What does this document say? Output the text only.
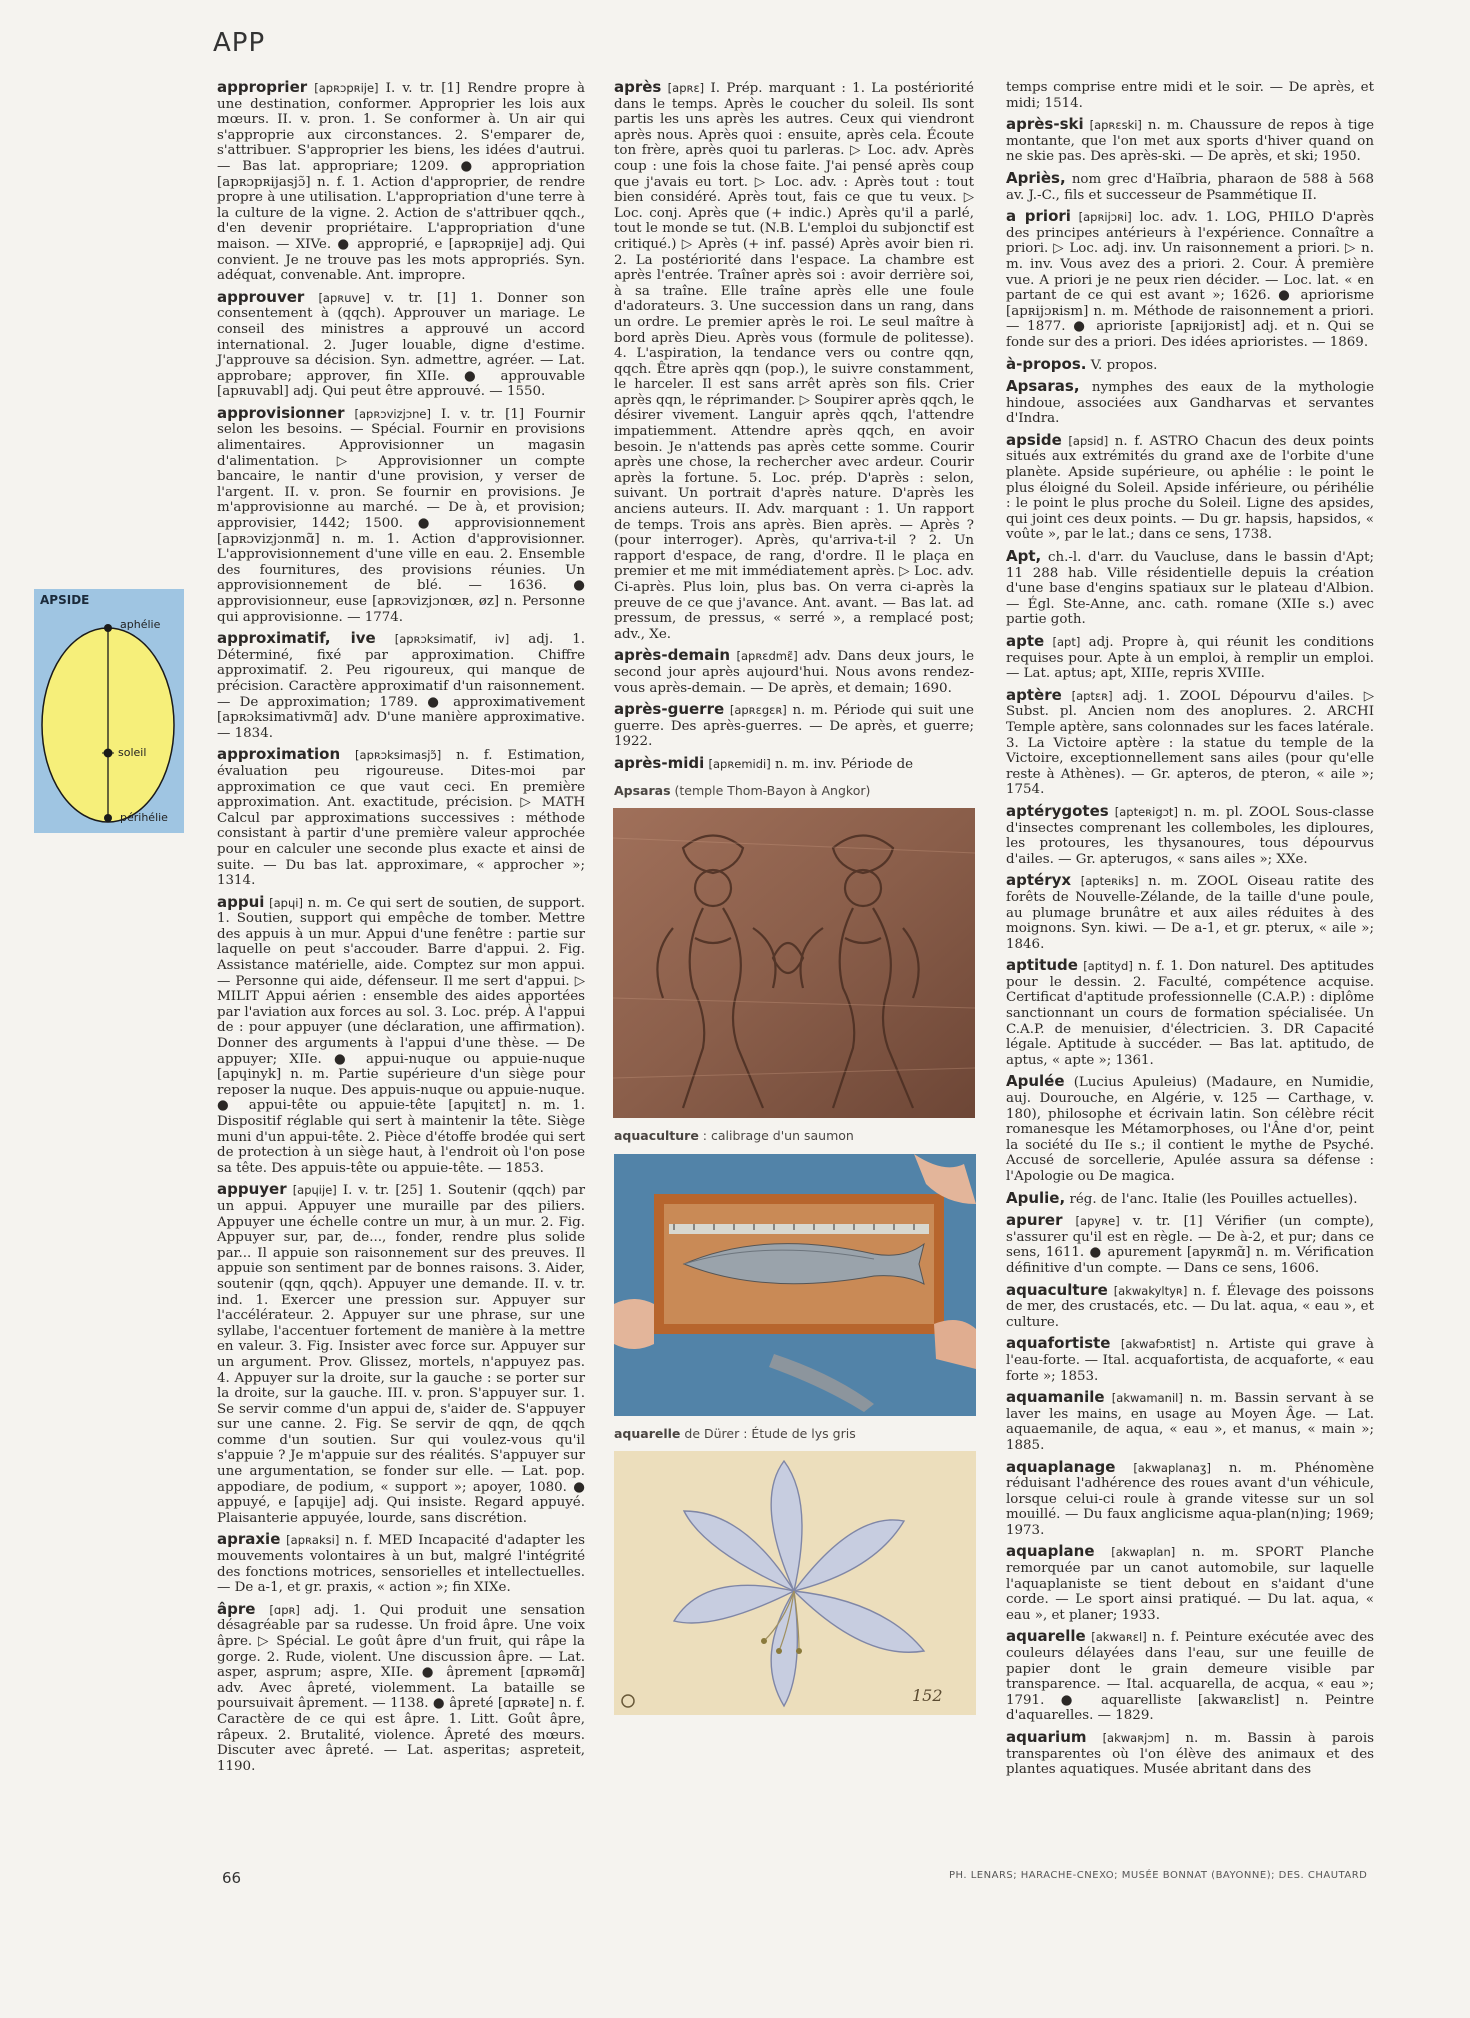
APP

approprier [apʀɔpʀije] I. v. tr. [1] Rendre propre à une destination, conformer. Approprier les lois aux mœurs. II. v. pron. 1. Se conformer à. Un air qui s'approprie aux circonstances. 2. S'emparer de, s'attribuer. S'approprier les biens, les idées d'autrui. — Bas lat. appropriare; 1209. ● appropriation [apʀɔpʀijasjɔ̃] n. f. 1. Action d'approprier, de rendre propre à une utilisation. L'appropriation d'une terre à la culture de la vigne. 2. Action de s'attribuer qqch., d'en devenir propriétaire. L'appropriation d'une maison. — XIVe. ● approprié, e [apʀɔpʀije] adj. Qui convient. Je ne trouve pas les mots appropriés. Syn. adéquat, convenable. Ant. impropre.

approuver [apʀuve] v. tr. [1] 1. Donner son consentement à (qqch). Approuver un mariage. Le conseil des ministres a approuvé un accord international. 2. Juger louable, digne d'estime. J'approuve sa décision. Syn. admettre, agréer. — Lat. approbare; approver, fin XIIe. ● approuvable [apʀuvabl] adj. Qui peut être approuvé. — 1550.

approvisionner [apʀɔvizjɔne] I. v. tr. [1] Fournir selon les besoins. — Spécial. Fournir en provisions alimentaires. Approvisionner un magasin d'alimentation. ▷ Approvisionner un compte bancaire, le nantir d'une provision, y verser de l'argent. II. v. pron. Se fournir en provisions. Je m'approvisionne au marché. — De à, et provision; approvisier, 1442; 1500. ● approvisionnement [apʀɔvizjɔnmɑ̃] n. m. 1. Action d'approvisionner. L'approvisionnement d'une ville en eau. 2. Ensemble des fournitures, des provisions réunies. Un approvisionnement de blé. — 1636. ● approvisionneur, euse [apʀɔvizjɔnœʀ, øz] n. Personne qui approvisionne. — 1774.

approximatif, ive [apʀɔksimatif, iv] adj. 1. Déterminé, fixé par approximation. Chiffre approximatif. 2. Peu rigoureux, qui manque de précision. Caractère approximatif d'un raisonnement. — De approximation; 1789. ● approximativement [apʀɔksimativmɑ̃] adv. D'une manière approximative. — 1834.

approximation [apʀɔksimasjɔ̃] n. f. Estimation, évaluation peu rigoureuse. Dites-moi par approximation ce que vaut ceci. En première approximation. Ant. exactitude, précision. ▷ MATH Calcul par approximations successives : méthode consistant à partir d'une première valeur approchée pour en calculer une seconde plus exacte et ainsi de suite. — Du bas lat. approximare, « approcher »; 1314.

appui [apɥi] n. m. Ce qui sert de soutien, de support. 1. Soutien, support qui empêche de tomber. Mettre des appuis à un mur. Appui d'une fenêtre : partie sur laquelle on peut s'accouder. Barre d'appui. 2. Fig. Assistance matérielle, aide. Comptez sur mon appui. — Personne qui aide, défenseur. Il me sert d'appui. ▷ MILIT Appui aérien : ensemble des aides apportées par l'aviation aux forces au sol. 3. Loc. prép. À l'appui de : pour appuyer (une déclaration, une affirmation). Donner des arguments à l'appui d'une thèse. — De appuyer; XIIe. ● appui-nuque ou appuie-nuque [apɥinyk] n. m. Partie supérieure d'un siège pour reposer la nuque. Des appuis-nuque ou appuie-nuque. ● appui-tête ou appuie-tête [apɥitɛt] n. m. 1. Dispositif réglable qui sert à maintenir la tête. Siège muni d'un appui-tête. 2. Pièce d'étoffe brodée qui sert de protection à un siège haut, à l'endroit où l'on pose sa tête. Des appuis-tête ou appuie-tête. — 1853.

appuyer [apɥije] I. v. tr. [25] 1. Soutenir (qqch) par un appui. Appuyer une muraille par des piliers. Appuyer une échelle contre un mur, à un mur. 2. Fig. Appuyer sur, par, de..., fonder, rendre plus solide par... Il appuie son raisonnement sur des preuves. Il appuie son sentiment par de bonnes raisons. 3. Aider, soutenir (qqn, qqch). Appuyer une demande. II. v. tr. ind. 1. Exercer une pression sur. Appuyer sur l'accélérateur. 2. Appuyer sur une phrase, sur une syllabe, l'accentuer fortement de manière à la mettre en valeur. 3. Fig. Insister avec force sur. Appuyer sur un argument. Prov. Glissez, mortels, n'appuyez pas. 4. Appuyer sur la droite, sur la gauche : se porter sur la droite, sur la gauche. III. v. pron. S'appuyer sur. 1. Se servir comme d'un appui de, s'aider de. S'appuyer sur une canne. 2. Fig. Se servir de qqn, de qqch comme d'un soutien. Sur qui voulez-vous qu'il s'appuie ? Je m'appuie sur des réalités. S'appuyer sur une argumentation, se fonder sur elle. — Lat. pop. appodiare, de podium, « support »; apoyer, 1080. ● appuyé, e [apɥije] adj. Qui insiste. Regard appuyé. Plaisanterie appuyée, lourde, sans discrétion.

apraxie [apʀaksi] n. f. MED Incapacité d'adapter les mouvements volontaires à un but, malgré l'intégrité des fonctions motrices, sensorielles et intellectuelles. — De a-1, et gr. praxis, « action »; fin XIXe.

âpre [ɑpʀ] adj. 1. Qui produit une sensation désagréable par sa rudesse. Un froid âpre. Une voix âpre. ▷ Spécial. Le goût âpre d'un fruit, qui râpe la gorge. 2. Rude, violent. Une discussion âpre. — Lat. asper, asprum; aspre, XIIe. ● âprement [ɑpʀəmɑ̃] adv. Avec âpreté, violemment. La bataille se poursuivait âprement. — 1138. ● âpreté [ɑpʀəte] n. f. Caractère de ce qui est âpre. 1. Litt. Goût âpre, râpeux. 2. Brutalité, violence. Âpreté des mœurs. Discuter avec âpreté. — Lat. asperitas; aspreteit, 1190.

après [apʀɛ] I. Prép. marquant : 1. La postériorité dans le temps. Après le coucher du soleil. Ils sont partis les uns après les autres. Ceux qui viendront après nous. Après quoi : ensuite, après cela. Écoute ton frère, après quoi tu parleras. ▷ Loc. adv. Après coup : une fois la chose faite. J'ai pensé après coup que j'avais eu tort. ▷ Loc. adv. : Après tout : tout bien considéré. Après tout, fais ce que tu veux. ▷ Loc. conj. Après que (+ indic.) Après qu'il a parlé, tout le monde se tut. (N.B. L'emploi du subjonctif est critiqué.) ▷ Après (+ inf. passé) Après avoir bien ri. 2. La postériorité dans l'espace. La chambre est après l'entrée. Traîner après soi : avoir derrière soi, à sa traîne. Elle traîne après elle une foule d'adorateurs. 3. Une succession dans un rang, dans un ordre. Le premier après le roi. Le seul maître à bord après Dieu. Après vous (formule de politesse). 4. L'aspiration, la tendance vers ou contre qqn, qqch. Être après qqn (pop.), le suivre constamment, le harceler. Il est sans arrêt après son fils. Crier après qqn, le réprimander. ▷ Soupirer après qqch, le désirer vivement. Languir après qqch, l'attendre impatiemment. Attendre après qqch, en avoir besoin. Je n'attends pas après cette somme. Courir après une chose, la rechercher avec ardeur. Courir après la fortune. 5. Loc. prép. D'après : selon, suivant. Un portrait d'après nature. D'après les anciens auteurs. II. Adv. marquant : 1. Un rapport de temps. Trois ans après. Bien après. — Après ? (pour interroger). Après, qu'arriva-t-il ? 2. Un rapport d'espace, de rang, d'ordre. Il le plaça en premier et me mit immédiatement après. ▷ Loc. adv. Ci-après. Plus loin, plus bas. On verra ci-après la preuve de ce que j'avance. Ant. avant. — Bas lat. ad pressum, de pressus, « serré », a remplacé post; adv., Xe.

après-demain [apʀɛdmɛ̃] adv. Dans deux jours, le second jour après aujourd'hui. Nous avons rendez-vous après-demain. — De après, et demain; 1690.

après-guerre [apʀɛgɛʀ] n. m. Période qui suit une guerre. Des après-guerres. — De après, et guerre; 1922.

après-midi [apʀemidi] n. m. inv. Période de

Apsaras (temple Thom-Bayon à Angkor)
aquaculture : calibrage d'un saumon
aquarelle de Dürer : Étude de lys gris
152

temps comprise entre midi et le soir. — De après, et midi; 1514.

après-ski [apʀɛski] n. m. Chaussure de repos à tige montante, que l'on met aux sports d'hiver quand on ne skie pas. Des après-ski. — De après, et ski; 1950.

Apriès, nom grec d'Haïbria, pharaon de 588 à 568 av. J.-C., fils et successeur de Psammétique II.

a priori [apʀijɔʀi] loc. adv. 1. LOG, PHILO D'après des principes antérieurs à l'expérience. Connaître a priori. ▷ Loc. adj. inv. Un raisonnement a priori. ▷ n. m. inv. Vous avez des a priori. 2. Cour. À première vue. A priori je ne peux rien décider. — Loc. lat. « en partant de ce qui est avant »; 1626. ● apriorisme [apʀijɔʀism] n. m. Méthode de raisonnement a priori. — 1877. ● aprioriste [apʀijɔʀist] adj. et n. Qui se fonde sur des a priori. Des idées aprioristes. — 1869.

à-propos. V. propos.

Apsaras, nymphes des eaux de la mythologie hindoue, associées aux Gandharvas et servantes d'Indra.

apside [apsid] n. f. ASTRO Chacun des deux points situés aux extrémités du grand axe de l'orbite d'une planète. Apside supérieure, ou aphélie : le point le plus éloigné du Soleil. Apside inférieure, ou périhélie : le point le plus proche du Soleil. Ligne des apsides, qui joint ces deux points. — Du gr. hapsis, hapsidos, « voûte », par le lat.; dans ce sens, 1738.

Apt, ch.-l. d'arr. du Vaucluse, dans le bassin d'Apt; 11 288 hab. Ville résidentielle depuis la création d'une base d'engins spatiaux sur le plateau d'Albion. — Égl. Ste-Anne, anc. cath. romane (XIIe s.) avec partie goth.

apte [apt] adj. Propre à, qui réunit les conditions requises pour. Apte à un emploi, à remplir un emploi. — Lat. aptus; apt, XIIIe, repris XVIIIe.

aptère [aptɛʀ] adj. 1. ZOOL Dépourvu d'ailes. ▷ Subst. pl. Ancien nom des anoplures. 2. ARCHI Temple aptère, sans colonnades sur les faces latérale. 3. La Victoire aptère : la statue du temple de la Victoire, exceptionnellement sans ailes (pour qu'elle reste à Athènes). — Gr. apteros, de pteron, « aile »; 1754.

aptérygotes [apteʀigɔt] n. m. pl. ZOOL Sous-classe d'insectes comprenant les collemboles, les diploures, les protoures, les thysanoures, tous dépourvus d'ailes. — Gr. apterugos, « sans ailes »; XXe.

aptéryx [apteʀiks] n. m. ZOOL Oiseau ratite des forêts de Nouvelle-Zélande, de la taille d'une poule, au plumage brunâtre et aux ailes réduites à des moignons. Syn. kiwi. — De a-1, et gr. pterux, « aile »; 1846.

aptitude [aptityd] n. f. 1. Don naturel. Des aptitudes pour le dessin. 2. Faculté, compétence acquise. Certificat d'aptitude professionnelle (C.A.P.) : diplôme sanctionnant un cours de formation spécialisée. Un C.A.P. de menuisier, d'électricien. 3. DR Capacité légale. Aptitude à succéder. — Bas lat. aptitudo, de aptus, « apte »; 1361.

Apulée (Lucius Apuleius) (Madaure, en Numidie, auj. Dourouche, en Algérie, v. 125 — Carthage, v. 180), philosophe et écrivain latin. Son célèbre récit romanesque les Métamorphoses, ou l'Âne d'or, peint la société du IIe s.; il contient le mythe de Psyché. Accusé de sorcellerie, Apulée assura sa défense : l'Apologie ou De magica.

Apulie, rég. de l'anc. Italie (les Pouilles actuelles).

apurer [apyʀe] v. tr. [1] Vérifier (un compte), s'assurer qu'il est en règle. — De à-2, et pur; dans ce sens, 1611. ● apurement [apyʀmɑ̃] n. m. Vérification définitive d'un compte. — Dans ce sens, 1606.

aquaculture [akwakyltyʀ] n. f. Élevage des poissons de mer, des crustacés, etc. — Du lat. aqua, « eau », et culture.

aquafortiste [akwafɔʀtist] n. Artiste qui grave à l'eau-forte. — Ital. acquafortista, de acquaforte, « eau forte »; 1853.

aquamanile [akwamanil] n. m. Bassin servant à se laver les mains, en usage au Moyen Âge. — Lat. aquaemanile, de aqua, « eau », et manus, « main »; 1885.

aquaplanage [akwaplanaʒ] n. m. Phénomène réduisant l'adhérence des roues avant d'un véhicule, lorsque celui-ci roule à grande vitesse sur un sol mouillé. — Du faux anglicisme aqua-plan(n)ing; 1969; 1973.

aquaplane [akwaplan] n. m. SPORT Planche remorquée par un canot automobile, sur laquelle l'aquaplaniste se tient debout en s'aidant d'une corde. — Le sport ainsi pratiqué. — Du lat. aqua, « eau », et planer; 1933.

aquarelle [akwaʀɛl] n. f. Peinture exécutée avec des couleurs délayées dans l'eau, sur une feuille de papier dont le grain demeure visible par transparence. — Ital. acquarella, de acqua, « eau »; 1791. ● aquarelliste [akwaʀɛlist] n. Peintre d'aquarelles. — 1829.

aquarium [akwaʀjɔm] n. m. Bassin à parois transparentes où l'on élève des animaux et des plantes aquatiques. Musée abritant dans des

APSIDE
aphélie
soleil
périhélie
66	PH. LENARS; HARACHE-CNEXO; MUSÉE BONNAT (BAYONNE); DES. CHAUTARD
